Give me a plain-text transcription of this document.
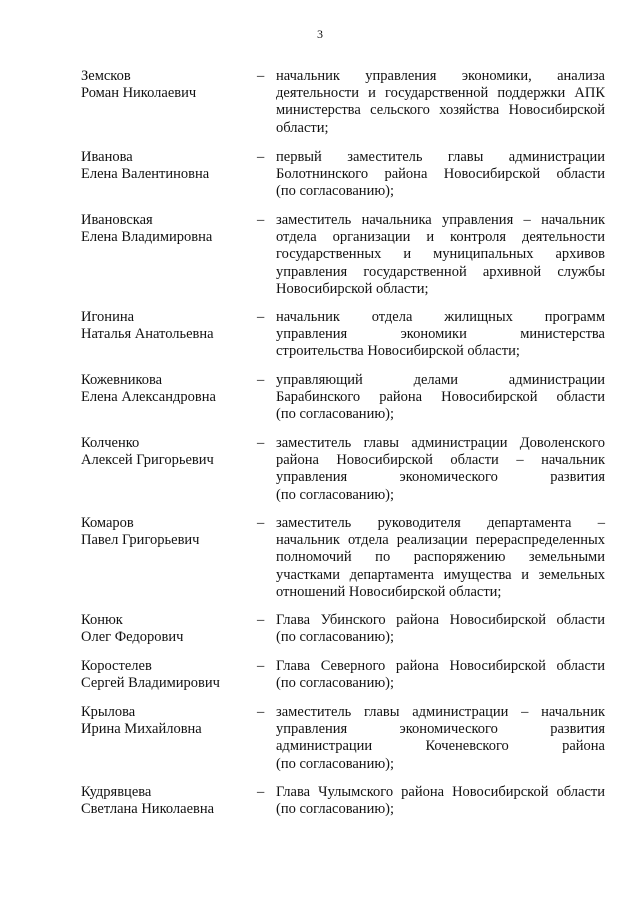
3
Земсков
Роман Николаевич
– начальник управления экономики, анализа
деятельности и государственной поддержки АПК
министерства сельского хозяйства Новосибирской
области;
Иванова
Елена Валентиновна
– первый заместитель главы администрации
Болотнинского района Новосибирской области
(по согласованию);
Ивановская
Елена Владимировна
– заместитель начальника управления – начальник
отдела организации и контроля деятельности
государственных и муниципальных архивов
управления государственной архивной службы
Новосибирской области;
Игонина
Наталья Анатольевна
– начальник отдела жилищных программ
управления экономики министерства
строительства Новосибирской области;
Кожевникова
Елена Александровна
– управляющий делами администрации
Барабинского района Новосибирской области
(по согласованию);
Колченко
Алексей Григорьевич
– заместитель главы администрации Доволенского
района Новосибирской области – начальник
управления экономического развития
(по согласованию);
Комаров
Павел Григорьевич
– заместитель руководителя департамента –
начальник отдела реализации перераспределенных
полномочий по распоряжению земельными
участками департамента имущества и земельных
отношений Новосибирской области;
Конюк
Олег Федорович
– Глава Убинского района Новосибирской области
(по согласованию);
Коростелев
Сергей Владимирович
– Глава Северного района Новосибирской области
(по согласованию);
Крылова
Ирина Михайловна
– заместитель главы администрации – начальник
управления экономического развития
администрации Коченевского района
(по согласованию);
Кудрявцева
Светлана Николаевна
– Глава Чулымского района Новосибирской области
(по согласованию);
